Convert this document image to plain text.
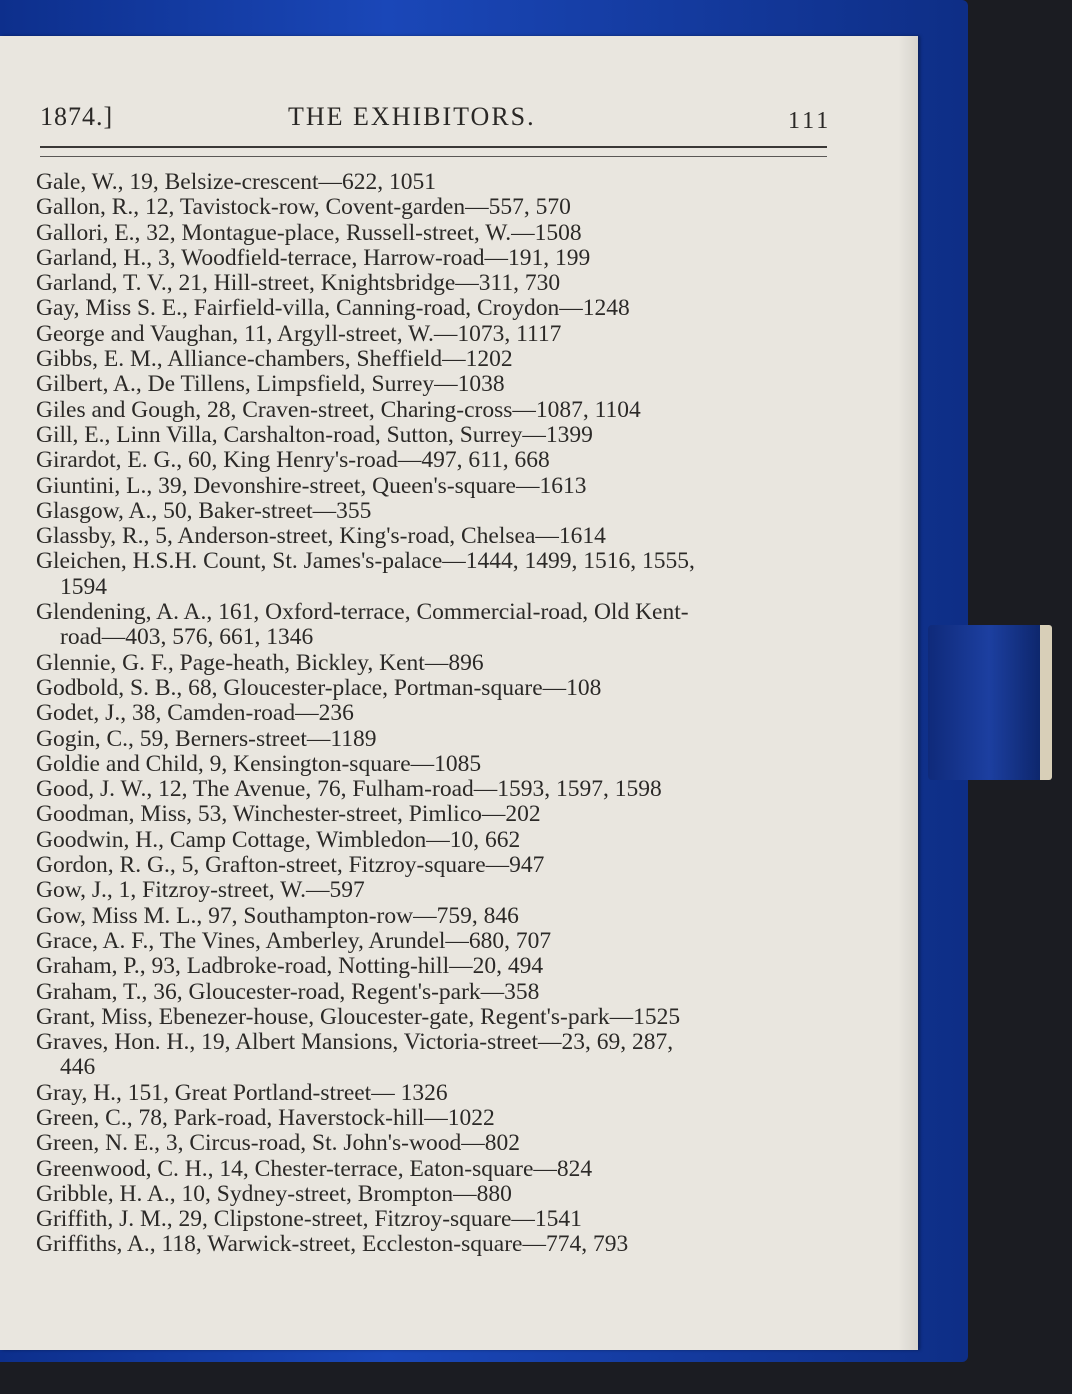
1874.]	THE EXHIBITORS.	111
Gale, W., 19, Belsize-crescent—622, 1051
Gallon, R., 12, Tavistock-row, Covent-garden—557, 570
Gallori, E., 32, Montague-place, Russell-street, W.—1508
Garland, H., 3, Woodfield-terrace, Harrow-road—191, 199
Garland, T. V., 21, Hill-street, Knightsbridge—311, 730
Gay, Miss S. E., Fairfield-villa, Canning-road, Croydon—1248
George and Vaughan, 11, Argyll-street, W.—1073, 1117
Gibbs, E. M., Alliance-chambers, Sheffield—1202
Gilbert, A., De Tillens, Limpsfield, Surrey—1038
Giles and Gough, 28, Craven-street, Charing-cross—1087, 1104
Gill, E., Linn Villa, Carshalton-road, Sutton, Surrey—1399
Girardot, E. G., 60, King Henry's-road—497, 611, 668
Giuntini, L., 39, Devonshire-street, Queen's-square—1613
Glasgow, A., 50, Baker-street—355
Glassby, R., 5, Anderson-street, King's-road, Chelsea—1614
Gleichen, H.S.H. Count, St. James's-palace—1444, 1499, 1516, 1555,
1594
Glendening, A. A., 161, Oxford-terrace, Commercial-road, Old Kent-
road—403, 576, 661, 1346
Glennie, G. F., Page-heath, Bickley, Kent—896
Godbold, S. B., 68, Gloucester-place, Portman-square—108
Godet, J., 38, Camden-road—236
Gogin, C., 59, Berners-street—1189
Goldie and Child, 9, Kensington-square—1085
Good, J. W., 12, The Avenue, 76, Fulham-road—1593, 1597, 1598
Goodman, Miss, 53, Winchester-street, Pimlico—202
Goodwin, H., Camp Cottage, Wimbledon—10, 662
Gordon, R. G., 5, Grafton-street, Fitzroy-square—947
Gow, J., 1, Fitzroy-street, W.—597
Gow, Miss M. L., 97, Southampton-row—759, 846
Grace, A. F., The Vines, Amberley, Arundel—680, 707
Graham, P., 93, Ladbroke-road, Notting-hill—20, 494
Graham, T., 36, Gloucester-road, Regent's-park—358
Grant, Miss, Ebenezer-house, Gloucester-gate, Regent's-park—1525
Graves, Hon. H., 19, Albert Mansions, Victoria-street—23, 69, 287,
446
Gray, H., 151, Great Portland-street— 1326
Green, C., 78, Park-road, Haverstock-hill—1022
Green, N. E., 3, Circus-road, St. John's-wood—802
Greenwood, C. H., 14, Chester-terrace, Eaton-square—824
Gribble, H. A., 10, Sydney-street, Brompton—880
Griffith, J. M., 29, Clipstone-street, Fitzroy-square—1541
Griffiths, A., 118, Warwick-street, Eccleston-square—774, 793
